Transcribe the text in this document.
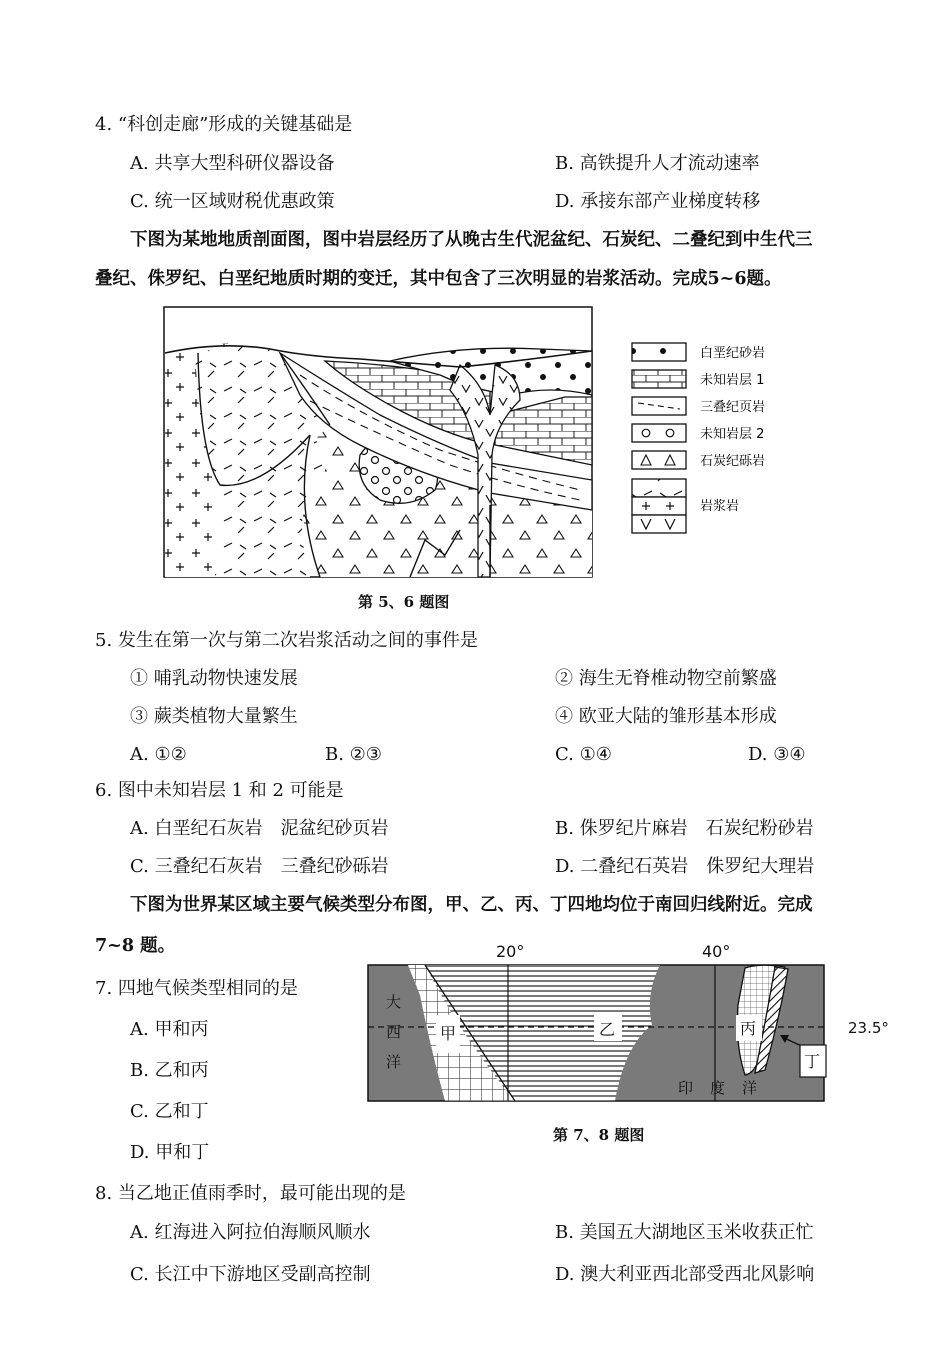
4. “科创走廊”形成的关键基础是
A. 共享大型科研仪器设备	B. 高铁提升人才流动速率
C. 统一区域财税优惠政策	D. 承接东部产业梯度转移
下图为某地地质剖面图，图中岩层经历了从晚古生代泥盆纪、石炭纪、二叠纪到中生代三
叠纪、侏罗纪、白垩纪地质时期的变迁，其中包含了三次明显的岩浆活动。完成5~6题。
白垩纪砂岩
未知岩层 1
三叠纪页岩
未知岩层 2
石炭纪砾岩
岩浆岩
第 5、6 题图
5. 发生在第一次与第二次岩浆活动之间的事件是
① 哺乳动物快速发展	② 海生无脊椎动物空前繁盛
③ 蕨类植物大量繁生	④ 欧亚大陆的雏形基本形成
A. ①②	B. ②③	C. ①④	D. ③④
6. 图中未知岩层 1 和 2 可能是
A. 白垩纪石灰岩　泥盆纪砂页岩	B. 侏罗纪片麻岩　石炭纪粉砂岩
C. 三叠纪石灰岩　三叠纪砂砾岩	D. 二叠纪石英岩　侏罗纪大理岩
下图为世界某区域主要气候类型分布图，甲、乙、丙、丁四地均位于南回归线附近。完成
7~8 题。
7. 四地气候类型相同的是
A. 甲和丙
B. 乙和丙
C. 乙和丁
D. 甲和丁
20°	40°
23.5°
大
西
洋
印 度 洋
甲	乙	丙
丁
第 7、8 题图
8. 当乙地正值雨季时，最可能出现的是
A. 红海进入阿拉伯海顺风顺水	B. 美国五大湖地区玉米收获正忙
C. 长江中下游地区受副高控制	D. 澳大利亚西北部受西北风影响
